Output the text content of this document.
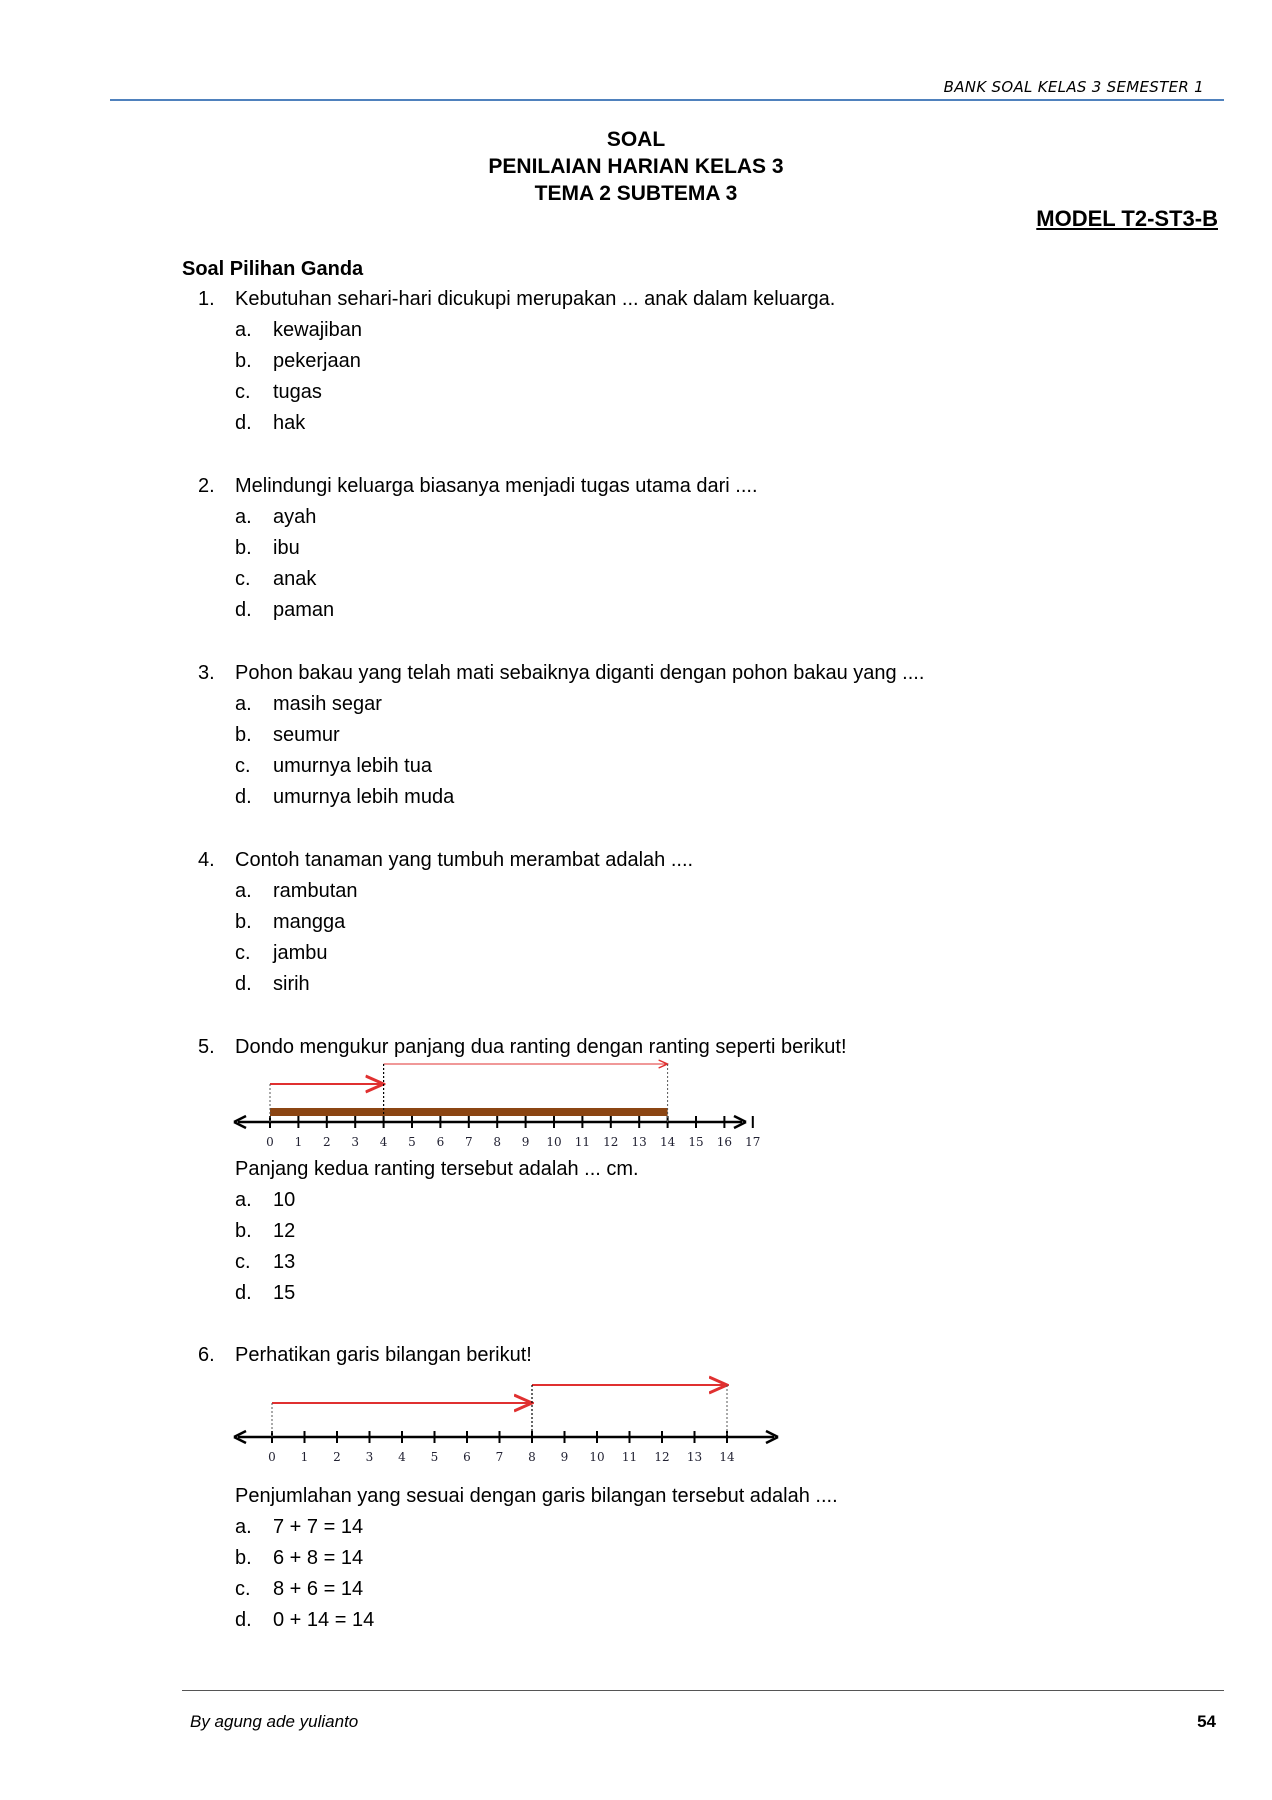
BANK SOAL KELAS 3 SEMESTER 1
SOAL
PENILAIAN HARIAN KELAS 3
TEMA 2 SUBTEMA 3
MODEL T2-ST3-B
Soal Pilihan Ganda
1. Kebutuhan sehari-hari dicukupi merupakan ... anak dalam keluarga.
a. kewajiban
b. pekerjaan
c. tugas
d. hak
2. Melindungi keluarga biasanya menjadi tugas utama dari ....
a. ayah
b. ibu
c. anak
d. paman
3. Pohon bakau yang telah mati sebaiknya diganti dengan pohon bakau yang ....
a. masih segar
b. seumur
c. umurnya lebih tua
d. umurnya lebih muda
4. Contoh tanaman yang tumbuh merambat adalah ....
a. rambutan
b. mangga
c. jambu
d. sirih
5. Dondo mengukur panjang dua ranting dengan ranting seperti berikut!
Panjang kedua ranting tersebut adalah ... cm.
a. 10
b. 12
c. 13
d. 15
6. Perhatikan garis bilangan berikut!
Penjumlahan yang sesuai dengan garis bilangan tersebut adalah ....
a. 7 + 7 = 14
b. 6 + 8 = 14
c. 8 + 6 = 14
d. 0 + 14 = 14
0 1 2 3 4 5 6 7 8 9 10 11 12 13 14 15 16 17
0 1 2 3 4 5 6 7 8 9 10 11 12 13 14
By agung ade yulianto	54
